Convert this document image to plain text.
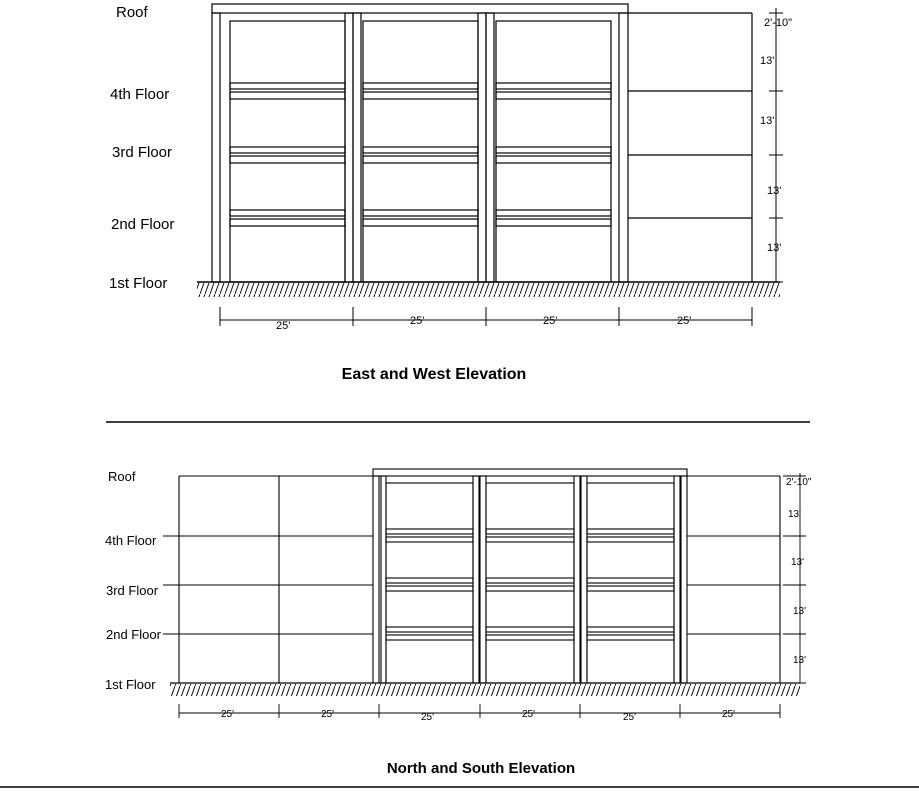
Roof
4th Floor
3rd Floor
2nd Floor
1st Floor
2'-10"
13'
13'
13'
13'
25'	25'	25'	25'
East and West Elevation
Roof
4th Floor
3rd Floor
2nd Floor
1st Floor
2'-10"
13'
13'
13'
13'
25'	25'	25'	25'	25'	25'
North and South Elevation
